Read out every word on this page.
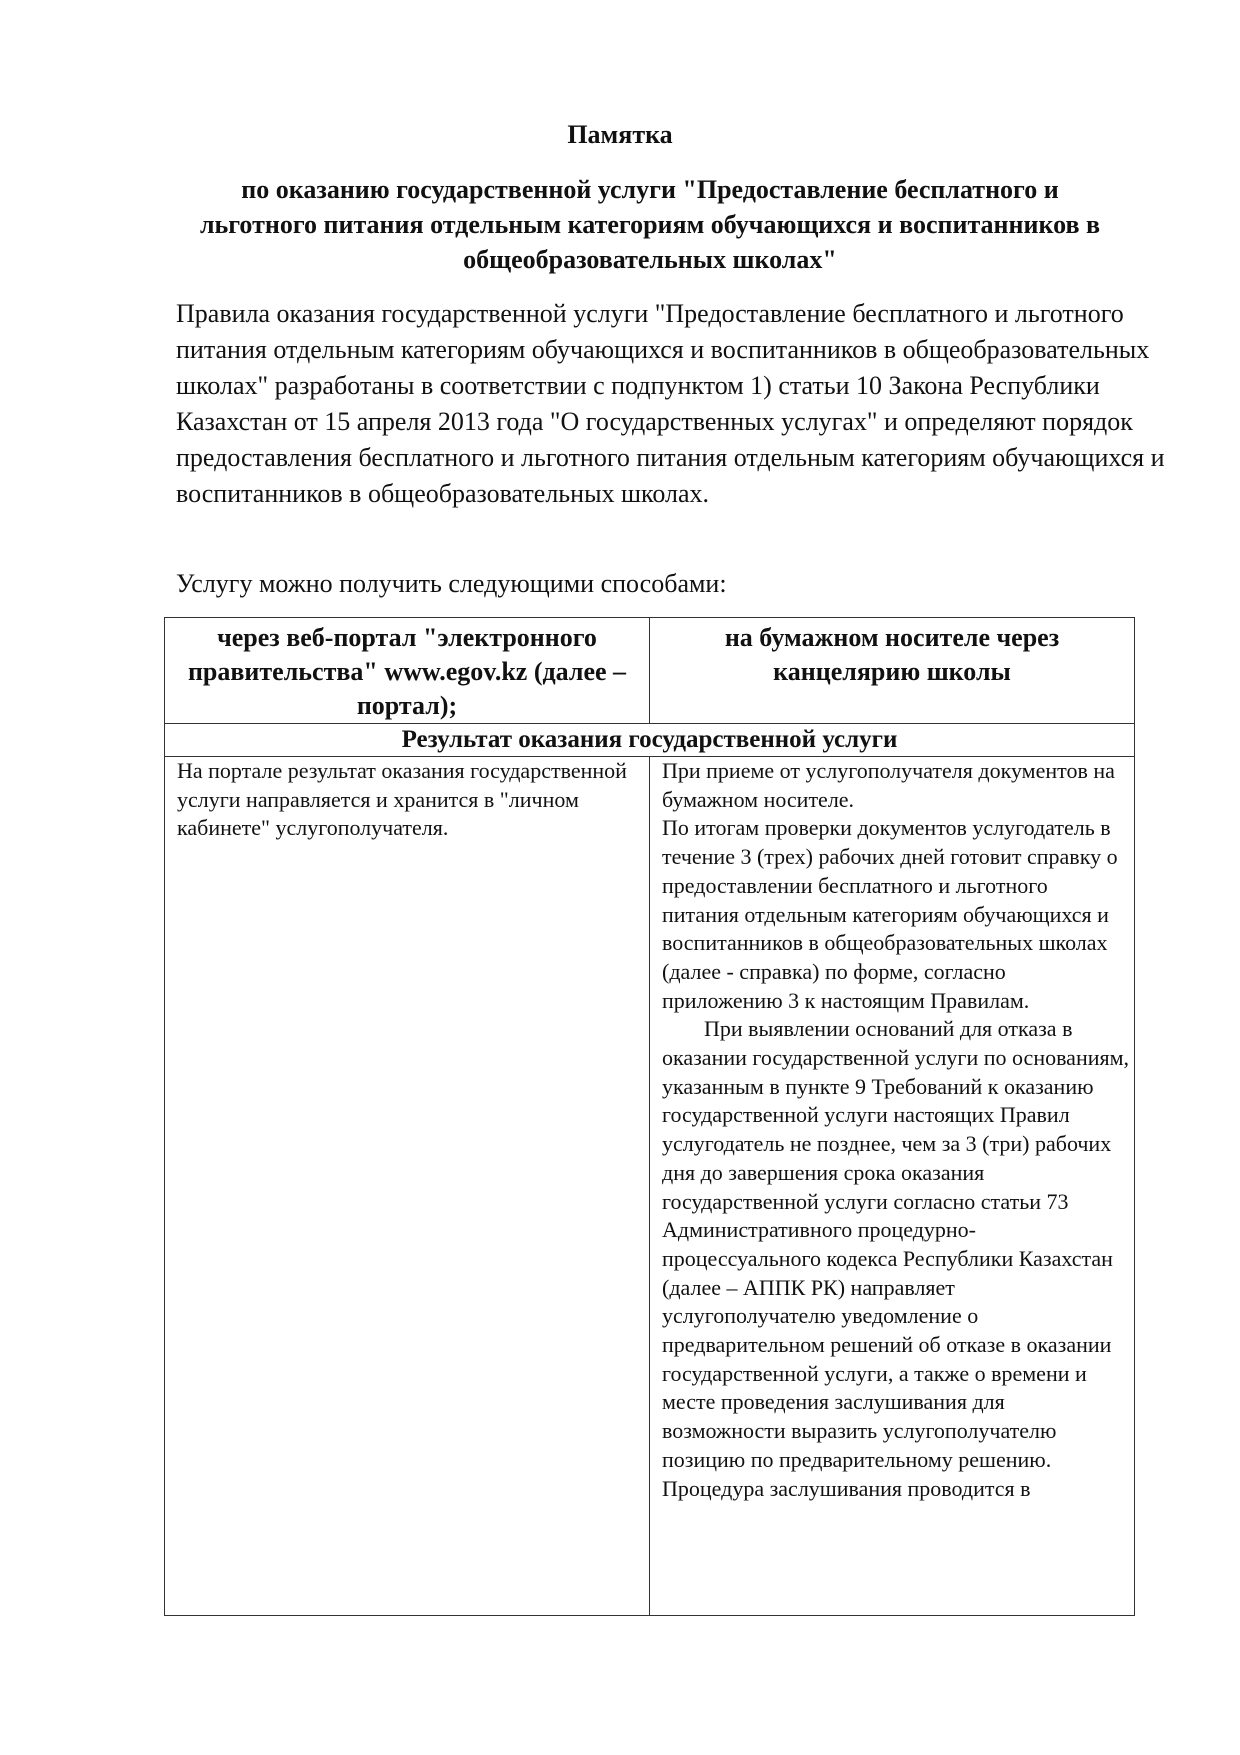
Памятка
по оказанию государственной услуги "Предоставление бесплатного и льготного питания отдельным категориям обучающихся и воспитанников в общеобразовательных школах"

Правила оказания государственной услуги "Предоставление бесплатного и льготного питания отдельным категориям обучающихся и воспитанников в общеобразовательных школах" разработаны в соответствии с подпунктом 1) статьи 10 Закона Республики Казахстан от 15 апреля 2013 года "О государственных услугах" и определяют порядок предоставления бесплатного и льготного питания отдельным категориям обучающихся и воспитанников в общеобразовательных школах.

Услугу можно получить следующими способами:

через веб-портал "электронного правительства" www.egov.kz (далее – портал);	на бумажном носителе через канцелярию школы
Результат оказания государственной услуги	
На портале результат оказания государственной услуги направляется и хранится в "личном кабинете" услугополучателя.	При приеме от услугополучателя документов на бумажном носителе.

По итогам проверки документов услугодатель в течение 3 (трех) рабочих дней готовит справку о предоставлении бесплатного и льготного питания отдельным категориям обучающихся и воспитанников в общеобразовательных школах (далее - справка) по форме, согласно приложению 3 к настоящим Правилам.

При выявлении оснований для отказа в оказании государственной услуги по основаниям, указанным в пункте 9 Требований к оказанию государственной услуги настоящих Правил услугодатель не позднее, чем за 3 (три) рабочих дня до завершения срока оказания государственной услуги согласно статьи 73 Административного процедурно-процессуального кодекса Республики Казахстан (далее – АППК РК) направляет услугополучателю уведомление о предварительном решений об отказе в оказании государственной услуги, а также о времени и месте проведения заслушивания для возможности выразить услугополучателю позицию по предварительному решению.

Процедура заслушивания проводится в
